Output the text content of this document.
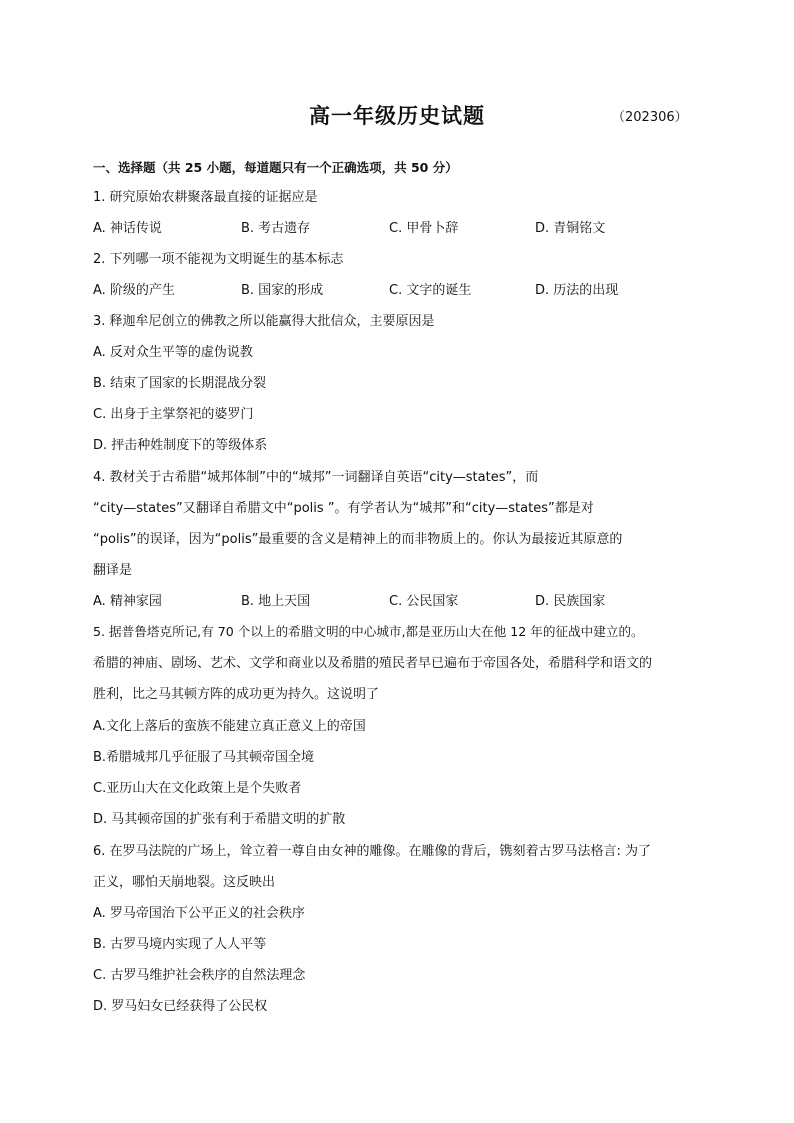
高一年级历史试题	（202306）
一、选择题（共 25 小题，每道题只有一个正确选项，共 50 分）
1. 研究原始农耕聚落最直接的证据应是
A. 神话传说	B. 考古遗存	C. 甲骨卜辞	D. 青铜铭文
2. 下列哪一项不能视为文明诞生的基本标志
A. 阶级的产生	B. 国家的形成	C. 文字的诞生	D. 历法的出现
3. 释迦牟尼创立的佛教之所以能赢得大批信众，主要原因是
A. 反对众生平等的虚伪说教
B. 结束了国家的长期混战分裂
C. 出身于主掌祭祀的婆罗门
D. 抨击种姓制度下的等级体系
4. 教材关于古希腊“城邦体制”中的“城邦”一词翻译自英语“city—states”，而
“city—states”又翻译自希腊文中“polis ”。有学者认为“城邦”和“city—states”都是对
“polis”的误译，因为“polis”最重要的含义是精神上的而非物质上的。你认为最接近其原意的
翻译是
A. 精神家园	B. 地上天国	C. 公民国家	D. 民族国家
5. 据普鲁塔克所记,有 70 个以上的希腊文明的中心城市,都是亚历山大在他 12 年的征战中建立的。
希腊的神庙、剧场、艺术、文学和商业以及希腊的殖民者早已遍布于帝国各处，希腊科学和语文的
胜利，比之马其顿方阵的成功更为持久。这说明了
A.文化上落后的蛮族不能建立真正意义上的帝国
B.希腊城邦几乎征服了马其顿帝国全境
C.亚历山大在文化政策上是个失败者
D. 马其顿帝国的扩张有利于希腊文明的扩散
6. 在罗马法院的广场上，耸立着一尊自由女神的雕像。在雕像的背后，镌刻着古罗马法格言: 为了
正义，哪怕天崩地裂。这反映出
A. 罗马帝国治下公平正义的社会秩序
B. 古罗马境内实现了人人平等
C. 古罗马维护社会秩序的自然法理念
D. 罗马妇女已经获得了公民权
